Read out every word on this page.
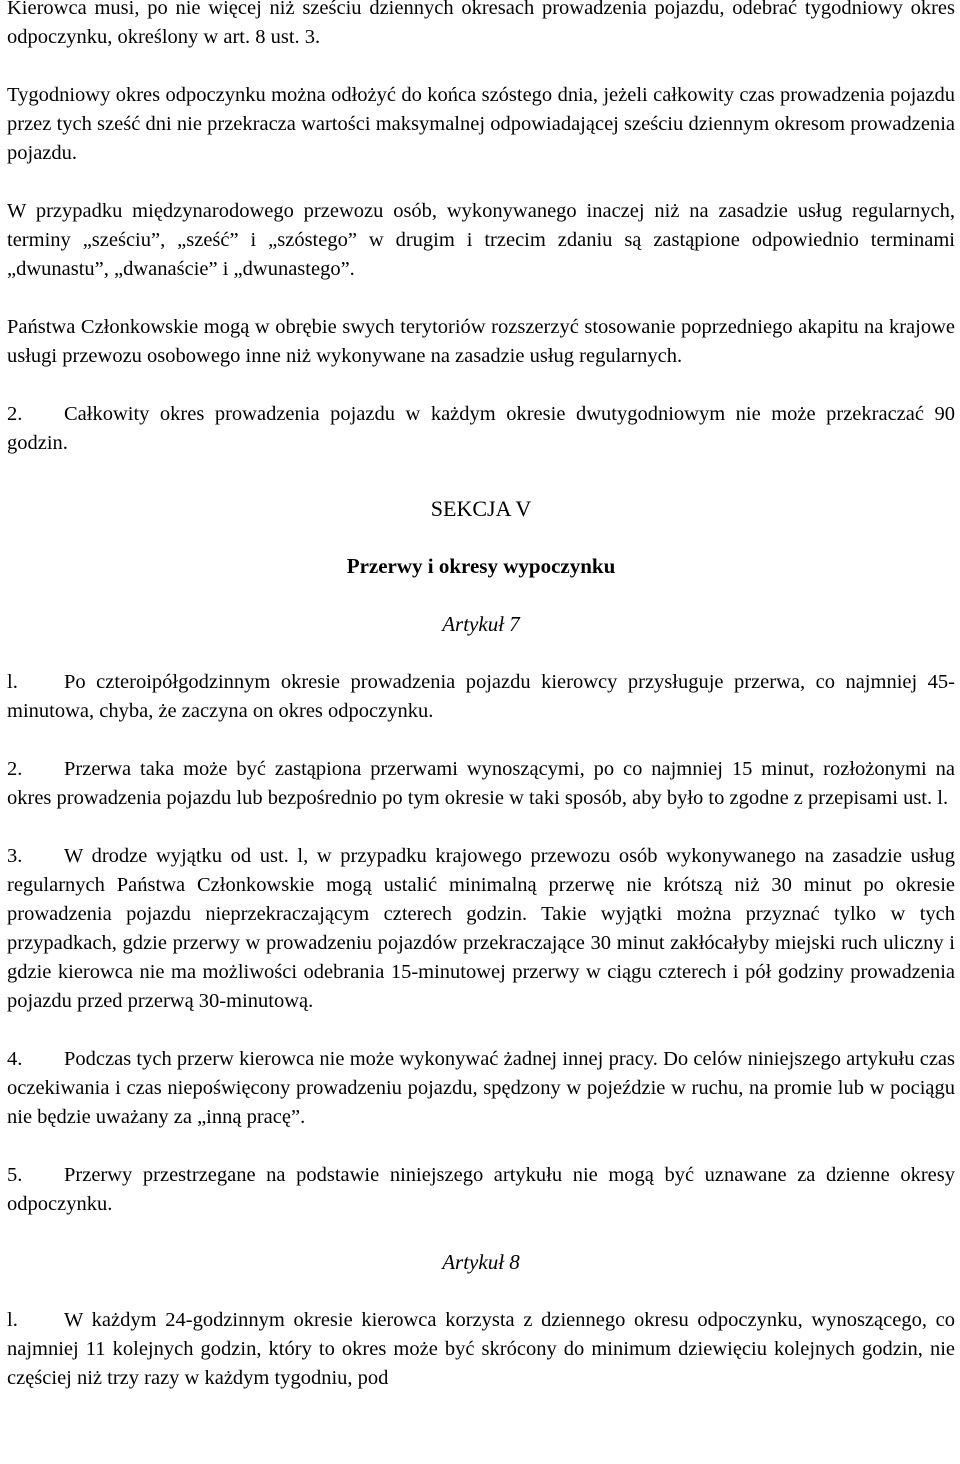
Kierowca musi, po nie więcej niż sześciu dziennych okresach prowadzenia pojazdu, odebrać tygodniowy okres odpoczynku, określony w art. 8 ust. 3.

Tygodniowy okres odpoczynku można odłożyć do końca szóstego dnia, jeżeli całkowity czas prowadzenia pojazdu przez tych sześć dni nie przekracza wartości maksymalnej odpowiadającej sześciu dziennym okresom prowadzenia pojazdu.

W przypadku międzynarodowego przewozu osób, wykonywanego inaczej niż na zasadzie usług regularnych, terminy „sześciu”, „sześć” i „szóstego” w drugim i trzecim zdaniu są zastąpione odpowiednio terminami „dwunastu”, „dwanaście” i „dwunastego”.

Państwa Członkowskie mogą w obrębie swych terytoriów rozszerzyć stosowanie poprzedniego akapitu na krajowe usługi przewozu osobowego inne niż wykonywane na zasadzie usług regularnych.

2. Całkowity okres prowadzenia pojazdu w każdym okresie dwutygodniowym nie może przekraczać 90 godzin.

SEKCJA V

Przerwy i okresy wypoczynku

Artykuł 7

l. Po czteroipółgodzinnym okresie prowadzenia pojazdu kierowcy przysługuje przerwa, co najmniej 45- minutowa, chyba, że zaczyna on okres odpoczynku.

2. Przerwa taka może być zastąpiona przerwami wynoszącymi, po co najmniej 15 minut, rozłożonymi na okres prowadzenia pojazdu lub bezpośrednio po tym okresie w taki sposób, aby było to zgodne z przepisami ust. l.

3. W drodze wyjątku od ust. l, w przypadku krajowego przewozu osób wykonywanego na zasadzie usług regularnych Państwa Członkowskie mogą ustalić minimalną przerwę nie krótszą niż 30 minut po okresie prowadzenia pojazdu nieprzekraczającym czterech godzin. Takie wyjątki można przyznać tylko w tych przypadkach, gdzie przerwy w prowadzeniu pojazdów przekraczające 30 minut zakłócałyby miejski ruch uliczny i gdzie kierowca nie ma możliwości odebrania 15-minutowej przerwy w ciągu czterech i pół godziny prowadzenia pojazdu przed przerwą 30-minutową.

4. Podczas tych przerw kierowca nie może wykonywać żadnej innej pracy. Do celów niniejszego artykułu czas oczekiwania i czas niepoświęcony prowadzeniu pojazdu, spędzony w pojeździe w ruchu, na promie lub w pociągu nie będzie uważany za „inną pracę”.

5. Przerwy przestrzegane na podstawie niniejszego artykułu nie mogą być uznawane za dzienne okresy odpoczynku.

Artykuł 8

l. W każdym 24-godzinnym okresie kierowca korzysta z dziennego okresu odpoczynku, wynoszącego, co najmniej 11 kolejnych godzin, który to okres może być skrócony do minimum dziewięciu kolejnych godzin, nie częściej niż trzy razy w każdym tygodniu, pod
